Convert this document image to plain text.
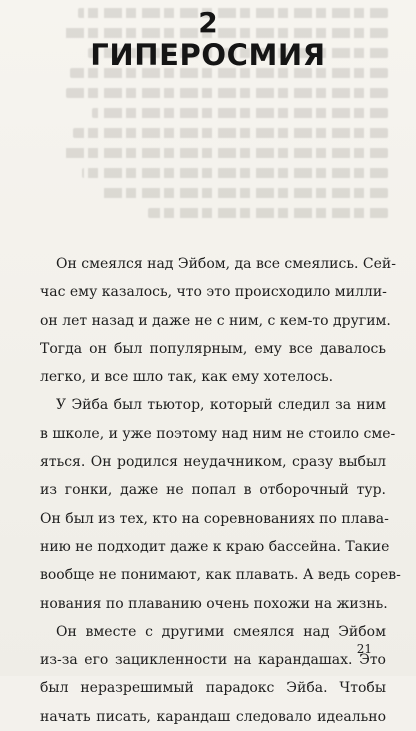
2
ГИПЕРОСМИЯ
Он смеялся над Эйбом, да все смеялись. Сей-
час ему казалось, что это происходило милли-
он лет назад и даже не с ним, с кем-то другим.
Тогда он был популярным, ему все давалось
легко, и все шло так, как ему хотелось.
У Эйба был тьютор, который следил за ним
в школе, и уже поэтому над ним не стоило сме-
яться. Он родился неудачником, сразу выбыл
из гонки, даже не попал в отборочный тур.
Он был из тех, кто на соревнованиях по плава-
нию не подходит даже к краю бассейна. Такие
вообще не понимают, как плавать. А ведь сорев-
нования по плаванию очень похожи на жизнь.
Он вместе с другими смеялся над Эйбом
из-за его зацикленности на карандашах. Это
был неразрешимый парадокс Эйба. Чтобы
начать писать, карандаш следовало идеально
21
